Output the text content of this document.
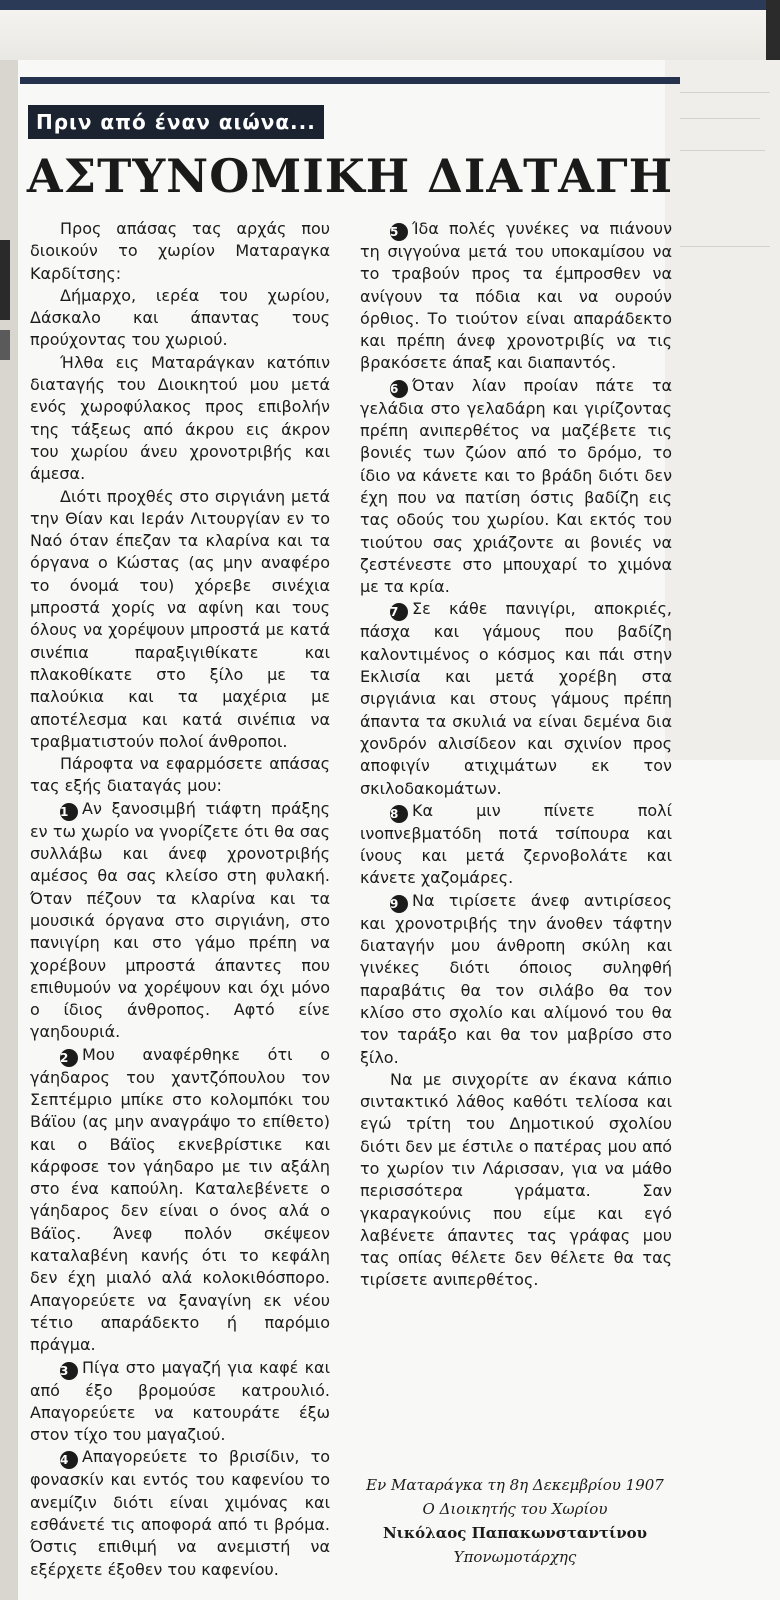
Πριν από έναν αιώνα...
ΑΣΤΥΝΟΜΙΚΗ ΔΙΑΤΑΓΗ

Προς απάσας τας αρχάς που διοικούν το χωρίον Ματαραγκα Καρδίτσης:

Δήμαρχο, ιερέα του χωρίου, Δάσκαλο και άπαντας τους προύχοντας του χωριού.

Ήλθα εις Ματαράγκαν κατόπιν διαταγής του Διοικητού μου μετά ενός χωροφύλακος προς επιβολήν της τάξεως από άκρου εις άκρον του χωρίου άνευ χρονοτριβής και άμεσα.

Διότι προχθές στο σιργιάνη μετά την Θίαν και Ιεράν Λιτουργίαν εν το Ναό όταν έπεζαν τα κλαρίνα και τα όργανα ο Κώστας (ας μην αναφέρο το όνομά του) χόρεβε σινέχια μπροστά χορίς να αφίνη και τους όλους να χορέψουν μπροστά με κατά σινέπια παραξιγιθίκατε και πλακοθίκατε στο ξίλο με τα παλούκια και τα μαχέρια με αποτέλεσμα και κατά σινέπια να τραβματιστούν πολοί άνθροποι.

Πάροφτα να εφαρμόσετε απάσας τας εξής διαταγάς μου:

1 Αν ξανοσιμβή τιάφτη πράξης εν τω χωρίο να γνορίζετε ότι θα σας συλλάβω και άνεφ χρονοτριβής αμέσος θα σας κλείσο στη φυλακή. Όταν πέζουν τα κλαρίνα και τα μουσικά όργανα στο σιργιάνη, στο πανιγίρη και στο γάμο πρέπη να χορέβουν μπροστά άπαντες που επιθυμούν να χορέψουν και όχι μόνο ο ίδιος άνθροπος. Αφτό είνε γαηδουριά.

2 Μου αναφέρθηκε ότι ο γάηδαρος του χαντζόπουλου τον Σεπτέμριο μπίκε στο κολομπόκι του Βάϊου (ας μην αναγράψο το επίθετο) και ο Βάϊος εκνεβρίστικε και κάρφοσε τον γάηδαρο με τιν αξάλη στο ένα καπούλη. Καταλεβένετε ο γάηδαρος δεν είναι ο όνος αλά ο Βάϊος. Άνεφ πολόν σκέψεον καταλαβένη κανής ότι το κεφάλη δεν έχη μιαλό αλά κολοκιθόσπορο. Απαγορεύετε να ξαναγίνη εκ νέου τέτιο απαράδεκτο ή παρόμιο πράγμα.

3 Πίγα στο μαγαζή για καφέ και από έξο βρομούσε κατρουλιό. Απαγορεύετε να κατουράτε έξω στον τίχο του μαγαζιού.

4 Απαγορεύετε το βρισίδιν, το φονασκίν και εντός του καφενίου το ανεμίζιν διότι είναι χιμόνας και εσθάνετέ τις αποφορά από τι βρόμα. Όστις επιθιμή να ανεμιστή να εξέρχετε έξοθεν του καφενίου.

5 Ίδα πολές γυνέκες να πιάνουν τη σιγγούνα μετά του υποκαμίσου να το τραβούν προς τα έμπροσθεν να ανίγουν τα πόδια και να ουρούν όρθιος. Το τιούτον είναι απαράδεκτο και πρέπη άνεφ χρονοτριβίς να τις βρακόσετε άπαξ και διαπαντός.

6 Όταν λίαν προίαν πάτε τα γελάδια στο γελαδάρη και γιρίζοντας πρέπη ανιπερθέτος να μαζέβετε τις βονιές των ζώον από το δρόμο, το ίδιο να κάνετε και το βράδη διότι δεν έχη που να πατίση όστις βαδίζη εις τας οδούς του χωρίου. Και εκτός του τιούτου σας χριάζοντε αι βονιές να ζεστένεστε στο μπουχαρί το χιμόνα με τα κρία.

7 Σε κάθε πανιγίρι, αποκριές, πάσχα και γάμους που βαδίζη καλοντιμένος ο κόσμος και πάι στην Εκλισία και μετά χορέβη στα σιργιάνια και στους γάμους πρέπη άπαντα τα σκυλιά να είναι δεμένα δια χονδρόν αλισίδεον και σχινίον προς αποφιγίν ατιχιμάτων εκ τον σκιλοδακομάτων.

8 Κα μιν πίνετε πολί ινοπνεβματόδη ποτά τσίπουρα και ίνους και μετά ζερνοβολάτε και κάνετε χαζομάρες.

9 Να τιρίσετε άνεφ αντιρίσεος και χρονοτριβής την άνοθεν τάφτην διαταγήν μου άνθροπη σκύλη και γινέκες διότι όποιος συληφθή παραβάτις θα τον σιλάβο θα τον κλίσο στο σχολίο και αλίμονό του θα τον ταράξο και θα τον μαβρίσο στο ξίλο.

Να με σινχορίτε αν έκανα κάπιο σιντακτικό λάθος καθότι τελίοσα και εγώ τρίτη του Δημοτικού σχολίου διότι δεν με έστιλε ο πατέρας μου από το χωρίον τιν Λάρισσαν, για να μάθο περισσότερα γράματα. Σαν γκαραγκούνις που είμε και εγό λαβένετε άπαντες τας γράφας μου τας οπίας θέλετε δεν θέλετε θα τας τιρίσετε ανιπερθέτος.

Εν Ματαράγκα τη 8η Δεκεμβρίου 1907
Ο Διοικητής του Χωρίου
Νικόλαος Παπακωνσταντίνου
Υπονωμοτάρχης
